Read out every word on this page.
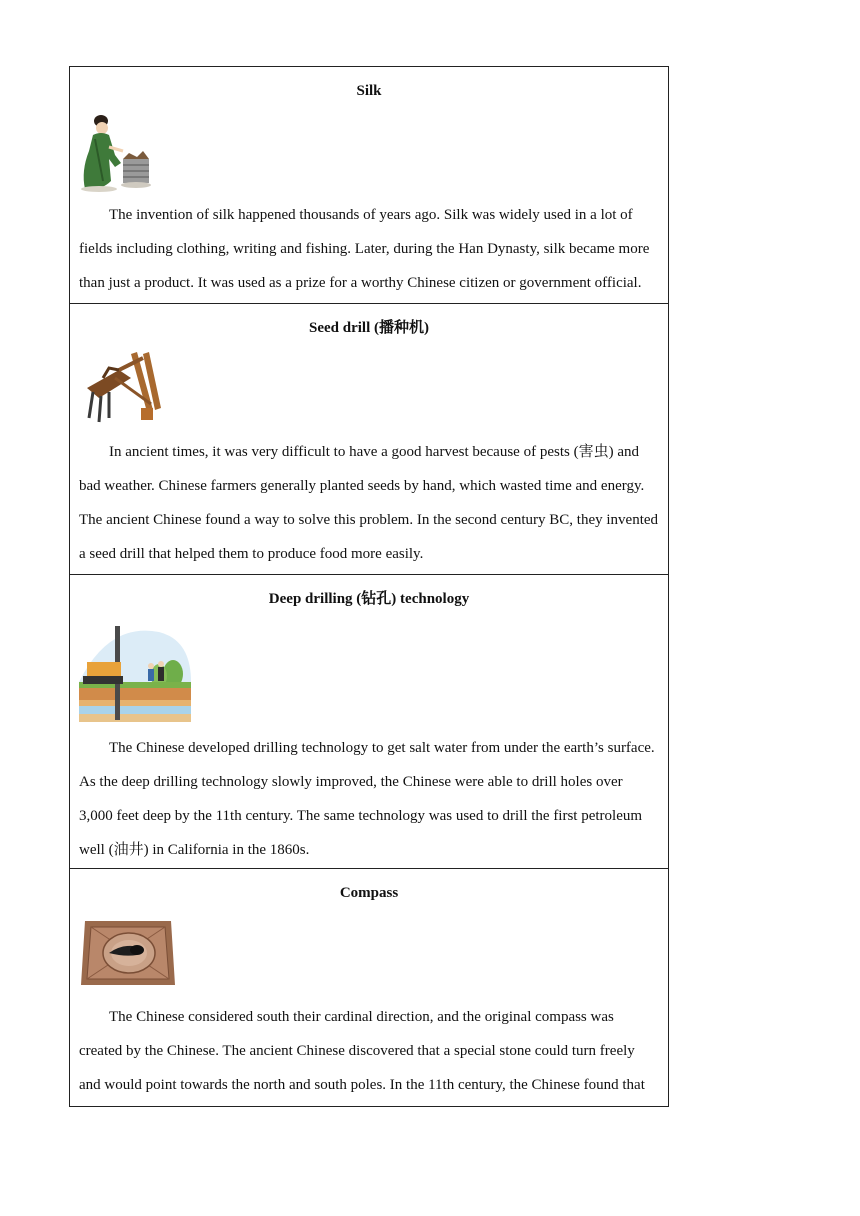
Silk

The invention of silk happened thousands of years ago. Silk was widely used in a lot of fields including clothing, writing and fishing. Later, during the Han Dynasty, silk became more than just a product. It was used as a prize for a worthy Chinese citizen or government official.

Seed drill (播种机)

In ancient times, it was very difficult to have a good harvest because of pests (害虫) and bad weather. Chinese farmers generally planted seeds by hand, which wasted time and energy. The ancient Chinese found a way to solve this problem. In the second century BC, they invented a seed drill that helped them to produce food more easily.

Deep drilling (钻孔) technology

The Chinese developed drilling technology to get salt water from under the earth’s surface. As the deep drilling technology slowly improved, the Chinese were able to drill holes over 3,000 feet deep by the 11th century. The same technology was used to drill the first petroleum well (油井) in California in the 1860s.

Compass

The Chinese considered south their cardinal direction, and the original compass was created by the Chinese. The ancient Chinese discovered that a special stone could turn freely and would point towards the north and south poles. In the 11th century, the Chinese found that
